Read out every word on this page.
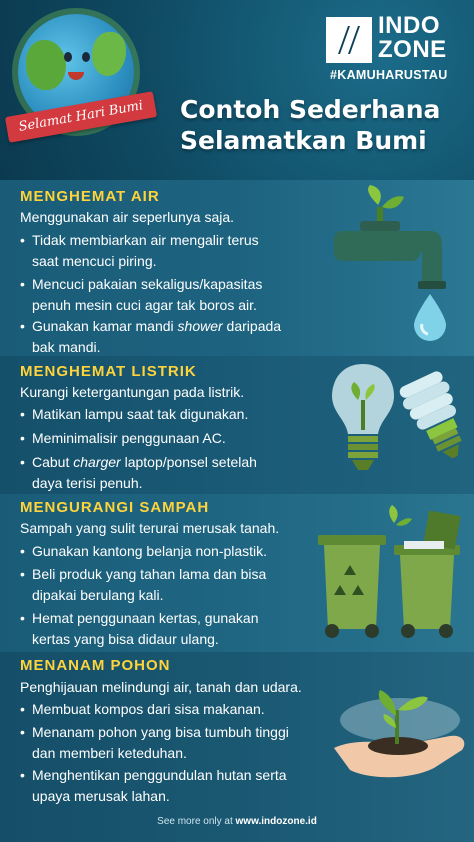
Selamat Hari Bumi
INDO
ZONE
#KAMUHARUSTAU
Contoh Sederhana
Selamatkan Bumi
MENGHEMAT AIR
Menggunakan air seperlunya saja.
• Tidak membiarkan air mengalir terus
saat mencuci piring.
• Mencuci pakaian sekaligus/kapasitas
penuh mesin cuci agar tak boros air.
• Gunakan kamar mandi shower daripada
bak mandi.
MENGHEMAT LISTRIK
Kurangi ketergantungan pada listrik.
• Matikan lampu saat tak digunakan.
• Meminimalisir penggunaan AC.
• Cabut charger laptop/ponsel setelah
daya terisi penuh.
MENGURANGI SAMPAH
Sampah yang sulit terurai merusak tanah.
• Gunakan kantong belanja non-plastik.
• Beli produk yang tahan lama dan bisa
dipakai berulang kali.
• Hemat penggunaan kertas, gunakan
kertas yang bisa didaur ulang.
MENANAM POHON
Penghijauan melindungi air, tanah dan udara.
• Membuat kompos dari sisa makanan.
• Menanam pohon yang bisa tumbuh tinggi
dan memberi keteduhan.
• Menghentikan penggundulan hutan serta
upaya merusak lahan.
See more only at www.indozone.id
